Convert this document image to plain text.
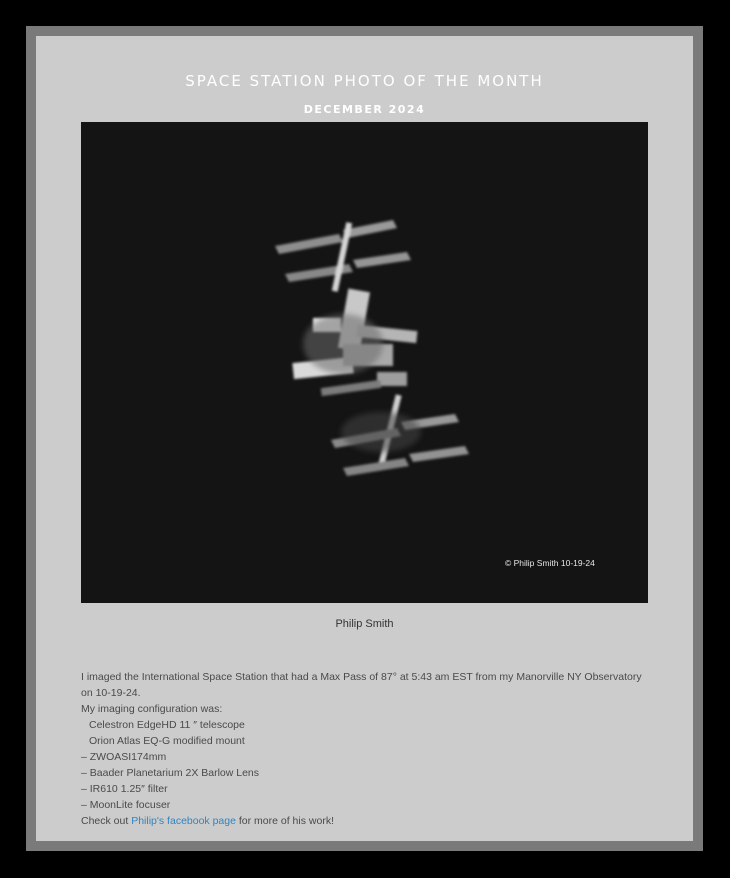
SPACE STATION PHOTO OF THE MONTH
DECEMBER 2024
© Philip Smith 10-19-24
Philip Smith
I imaged the International Space Station that had a Max Pass of 87° at 5:43 am EST from my Manorville NY Observatory
on 10-19-24.
My imaging configuration was:
Celestron EdgeHD 11 ″ telescope
Orion Atlas EQ-G modified mount
– ZWOASI174mm
– Baader Planetarium 2X Barlow Lens
– IR610 1.25″ filter
– MoonLite focuser
Check out Philip's facebook page for more of his work!
